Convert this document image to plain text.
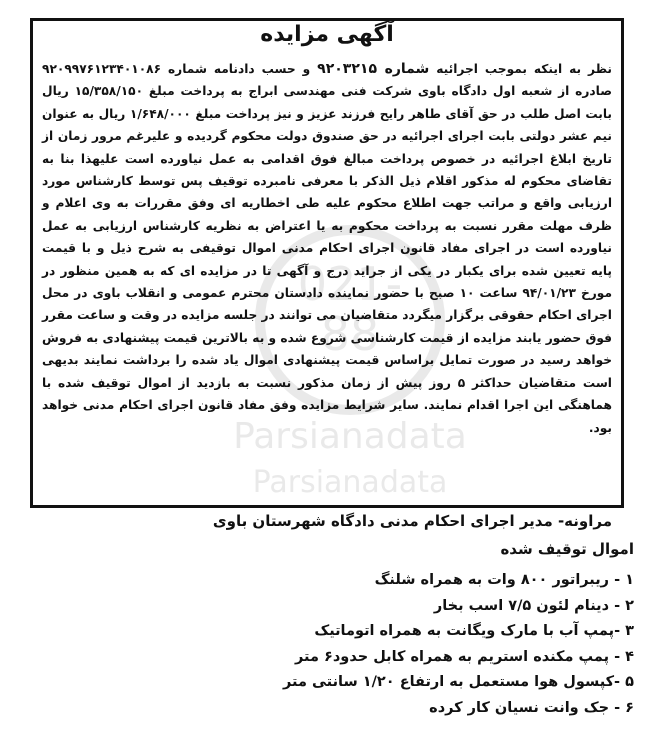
021-
88
Parsianadata
Parsianadata
آگهی مزایده
نظر به اینکه بموجب اجرائیه شماره ۹۲۰۳۲۱۵ و حسب دادنامه شماره ۹۲۰۹۹۷۶۱۲۳۴۰۱۰۸۶ صادره از شعبه اول دادگاه باوی شرکت فنی مهندسی ابراج به پرداخت مبلغ ۱۵/۳۵۸/۱۵۰ ریال بابت اصل طلب در حق آقای طاهر رایح فرزند عزیز و نیز پرداخت مبلغ ۱/۶۴۸/۰۰۰ ریال به عنوان نیم عشر دولتی بابت اجرای اجرائیه در حق صندوق دولت محکوم گردیده و علیرغم مرور زمان از تاریخ ابلاغ اجرائیه در خصوص پرداخت مبالغ فوق اقدامی به عمل نیاورده است علیهذا بنا به تقاضای محکوم له مذکور اقلام ذیل الذکر با معرفی نامبرده توقیف پس توسط کارشناس مورد ارزیابی واقع و مراتب جهت اطلاع محکوم علیه طی اخطاریه ای وفق مقررات به وی اعلام و ظرف مهلت مقرر نسبت به پرداخت محکوم به یا اعتراض به نظریه کارشناس ارزیابی به عمل نیاورده است در اجرای مفاد قانون اجرای احکام مدنی اموال توقیفی به شرح ذیل و با قیمت پایه تعیین شده برای یکبار در یکی از جراید درج و آگهی تا در مزایده ای که به همین منظور در مورخ ۹۴/۰۱/۲۳ ساعت ۱۰ صبح با حضور نماینده دادستان محترم عمومی و انقلاب باوی در محل اجرای احکام حقوقی برگزار میگردد متقاضیان می توانند در جلسه مزایده در وقت و ساعت مقرر فوق حضور یابند مزایده از قیمت کارشناسی شروع شده و به بالاترین قیمت پیشنهادی به فروش خواهد رسید در صورت تمایل براساس قیمت پیشنهادی اموال یاد شده را برداشت نمایند بدیهی است متقاضیان حداکثر ۵ روز پیش از زمان مذکور نسبت به بازدید از اموال توقیف شده با هماهنگی این اجرا اقدام نمایند. سایر شرایط مزایده وفق مفاد قانون اجرای احکام مدنی خواهد بود.
مراونه- مدیر اجرای احکام مدنی دادگاه شهرستان باوی
اموال توقیف شده
۱ - ریبراتور ۸۰۰ وات به همراه شلنگ
۲ - دینام لئون ۷/۵ اسب بخار
۳ -پمپ آب با مارک ویگانت به همراه اتوماتیک
۴ - پمپ مکنده استریم به همراه کابل حدود۶ متر
۵ -کپسول هوا مستعمل به ارتفاع ۱/۲۰ سانتی متر
۶ - جک وانت نسیان کار کرده
